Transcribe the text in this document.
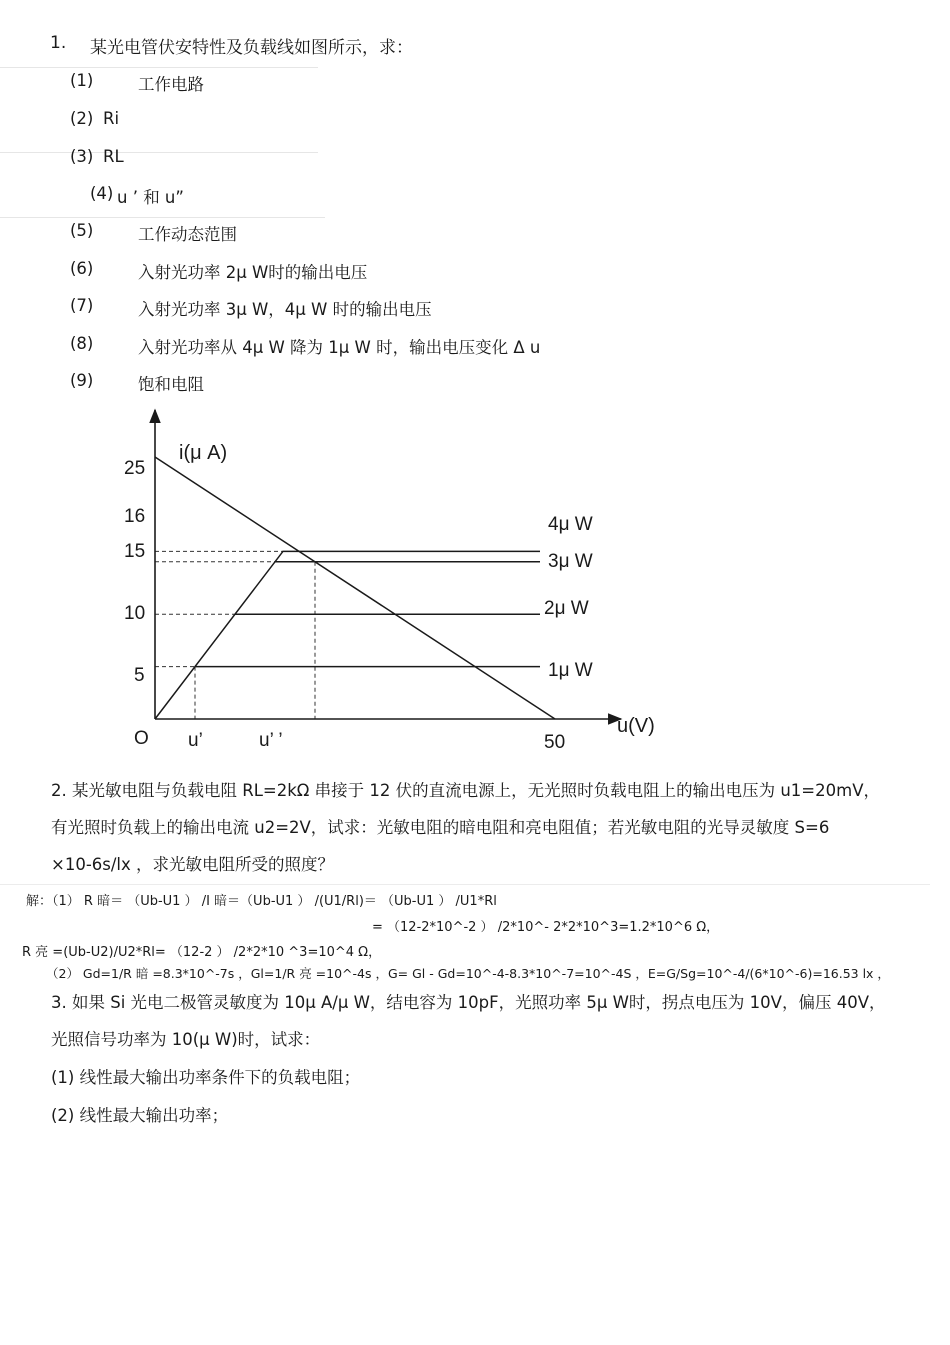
1. 某光电管伏安特性及负载线如图所示，求：
(1)	工作电路
(2) Ri
(3) RL
(4) u ’ 和 u”
(5)	工作动态范围
(6)	入射光功率 2μ W时的输出电压
(7)	入射光功率 3μ W，4μ W 时的输出电压
(8)	入射光功率从 4μ W 降为 1μ W 时，输出电压变化 Δ u
(9)	饱和电阻
i(μ A)
u(V)
25
16
15
10
5
O u’	u’ ’	50
4μ W
3μ W
2μ W
1μ W
2. 某光敏电阻与负载电阻 RL=2kΩ 串接于 12 伏的直流电源上，无光照时负载电阻上的输出电压为 u1=20mV，
有光照时负载上的输出电流 u2=2V，试求：光敏电阻的暗电阻和亮电阻值；若光敏电阻的光导灵敏度 S=6
×10-6s/lx ，求光敏电阻所受的照度？
解：（1） R 暗＝ （Ub-U1 ） /I 暗＝（Ub-U1 ） /(U1/Rl)＝ （Ub-U1 ） /U1*Rl
= （12-2*10^-2 ） /2*10^- 2*2*10^3=1.2*10^6 Ω，
R 亮 =(Ub-U2)/U2*Rl= （12-2 ） /2*2*10 ^3=10^4 Ω，
（2） Gd=1/R 暗 =8.3*10^-7s ，Gl=1/R 亮 =10^-4s ，G= Gl - Gd=10^-4-8.3*10^-7=10^-4S ，E=G/Sg=10^-4/(6*10^-6)=16.53 lx ，
3. 如果 Si 光电二极管灵敏度为 10μ A/μ W，结电容为 10pF，光照功率 5μ W时，拐点电压为 10V，偏压 40V，
光照信号功率为 10(μ W)时，试求：
(1) 线性最大输出功率条件下的负载电阻；
(2) 线性最大输出功率；
